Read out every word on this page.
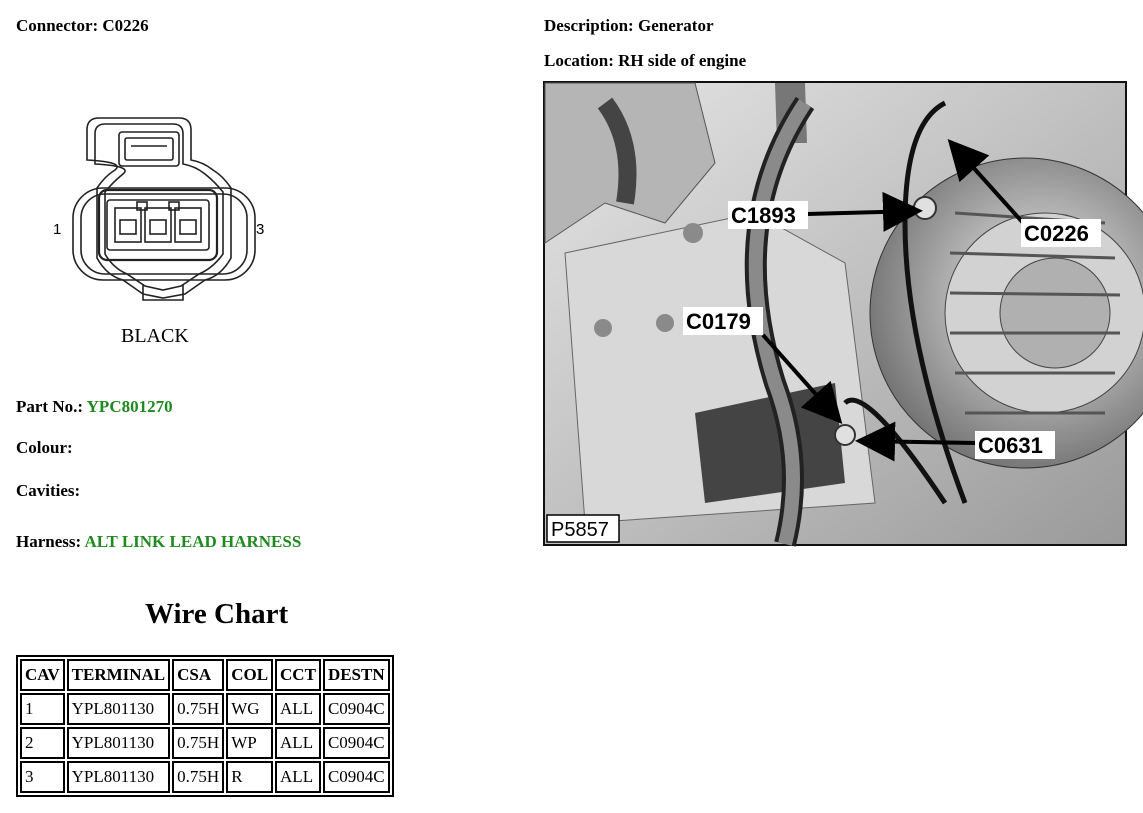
Connector: C0226	Description: Generator
Location: RH side of engine
1	3
BLACK
Part No.: YPC801270
Colour:
Cavities:
Harness: ALT LINK LEAD HARNESS
C1893
C0226
C0179
C0631
P5857
Wire Chart
CAV	TERMINAL	CSA	COL	CCT	DESTN
1	YPL801130	0.75H	WG	ALL	C0904C
2	YPL801130	0.75H	WP	ALL	C0904C
3	YPL801130	0.75H	R	ALL	C0904C
